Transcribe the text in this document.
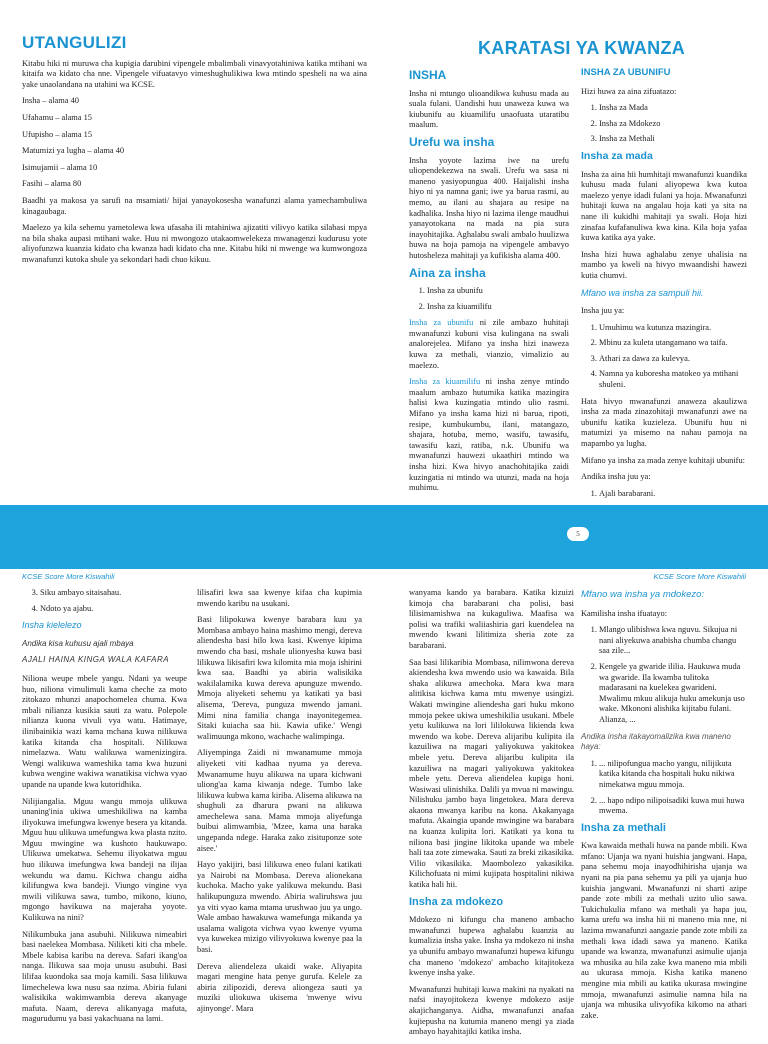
UTANGULIZI

Kitabu hiki ni muruwa cha kupigia darubini vipengele mbalimbali vinavyotahiniwa katika mtihani wa kitaifa wa kidato cha nne. Vipengele vifuatavyo vimeshughulikiwa kwa mtindo spesheli na wa aina yake unaolandana na utahini wa KCSE.

Insha – alama 40
Ufahamu – alama 15
Ufupisho – alama 15
Matumizi ya lugha – alama 40
Isimujamii – alama 10
Fasihi – alama 80

Baadhi ya makosa ya sarufi na msamiati/ hijai yanayokosesha wanafunzi alama yamechambuliwa kinagaubaga.

Maelezo ya kila sehemu yametolewa kwa ufasaha ili mtahiniwa ajizatiti vilivyo katika silabasi mpya na bila shaka aupasi mtihani wake. Huu ni mwongozo utakaomwelekeza mwanagenzi kudurusu yote aliyofunzwa kuanzia kidato cha kwanza hadi kidato cha nne. Kitabu hiki ni mwenge wa kumwongoza mwanafunzi kutoka shule ya sekondari hadi chuo kikuu.

KARATASI YA KWANZA
INSHA

Insha ni mtungo ulioandikwa kuhusu mada au suala fulani. Uandishi huu unaweza kuwa wa kiubunifu au kiuamilifu unaofuata utaratibu maalum.

Urefu wa insha

Insha yoyote lazima iwe na urefu uliopendekezwa na swali. Urefu wa sasa ni maneno yasiyopungua 400. Haijalishi insha hiyo ni ya namna gani; iwe ya barua rasmi, au memo, au ilani au shajara au resipe na kadhalika. Insha hiyo ni lazima ilenge maudhui yanayotokana na mada na pia sura inayohitajika. Aghalabu swali ambalo huulizwa huwa na hoja pamoja na vipengele ambavyo hutosheleza mahitaji ya kufikisha alama 400.

Aina za insha
1. Insha za ubunifu
2. Insha za kiuamilifu

Insha za ubunifu ni zile ambazo huhitaji mwanafunzi kubuni visa kulingana na swali analorejelea. Mifano ya insha hizi inaweza kuwa za methali, vianzio, vimalizio au maelezo.

Insha za kiuamilifu ni insha zenye mtindo maalum ambazo hutumika katika mazingira halisi kwa kuzingatia mtindo ulio rasmi. Mifano ya insha kama hizi ni barua, ripoti, resipe, kumbukumbu, ilani, matangazo, shajara, hotuba, memo, wasifu, tawasifu, tawasifu kazi, ratiba, n.k. Ubunifu wa mwanafunzi hauwezi ukaathiri mtindo wa insha hizi. Kwa hivyo anachohitajika zaidi kuzingatia ni mtindo wa utunzi, mada na hoja muhimu.

INSHA ZA UBUNIFU

Hizi huwa za aina zifuatazo:

1. Insha za Mada
2. Insha za Mdokezo
3. Insha za Methali
Insha za mada

Insha za aina hii humhitaji mwanafunzi kuandika kuhusu mada fulani aliyopewa kwa kutoa maelezo yenye idadi fulani ya hoja. Mwanafunzi huhitaji kuwa na angalau hoja kati ya sita na nane ili kukidhi mahitaji ya swali. Hoja hizi zinafaa kufafanuliwa kwa kina. Kila hoja yafaa kuwa katika aya yake.

Insha hizi huwa aghalabu zenye uhalisia na mambo ya kweli na hivyo mwaandishi hawezi kutia chumvi.

Mfano wa insha za sampuli hii.

Insha juu ya:

1. Umuhimu wa kutunza mazingira.
2. Mbinu za kuleta utangamano wa taifa.
3. Athari za dawa za kulevya.
4. Namna ya kuboresha matokeo ya mtihani shuleni.

Hata hivyo mwanafunzi anaweza akaulizwa insha za mada zinazohitaji mwanafunzi awe na ubunifu katika kuzieleza. Ubunifu huu ni matumizi ya misemo na nahau pamoja na mapambo ya lugha.

Mifano ya insha za mada zenye kuhitaji ubunifu:

Andika insha juu ya:

1. Ajali barabarani.
2.
5
KCSE Score More Kiswahili	KCSE Score More Kiswahili
3. Siku ambayo sitaisahau.
4. Ndoto ya ajabu.
Insha kielelezo
Andika kisa kuhusu ajali mbaya
AJALI HAINA KINGA WALA KAFARA

Niliona weupe mbele yangu. Ndani ya weupe huo, niliona vimulimuli kama cheche za moto zitokazo mhunzi anapochomelea chuma. Kwa mbali nilianza kusikia sauti za watu. Polepole nilianza kuona vivuli vya watu. Hatimaye, ilinibainikia wazi kama mchana kuwa nilikuwa katika kitanda cha hospitali. Nilikuwa nimelazwa. Watu walikuwa wamenizingira. Wengi walikuwa wameshika tama kwa huzuni kubwa wengine wakiwa wanatikisa vichwa vyao upande na upande kwa kutoridhika.

Nilijiangalia. Mguu wangu mmoja ulikuwa unaning'inia ukiwa umeshikiliwa na kamba iliyokuwa imefungwa kwenye besera ya kitanda. Mguu huu ulikuwa umefungwa kwa plasta nzito. Mguu mwingine wa kushoto haukuwapo. Ulikuwa umekatwa. Sehemu iliyokatwa mguu huo ilikuwa imefungwa kwa bandeji na ilijaa wekundu wa damu. Kichwa changu aidha kilifungwa kwa bandeji. Viungo vingine vya mwili vilikuwa sawa, tumbo, mikono, kiuno, mgongo havikuwa na majeraha yoyote. Kulikuwa na nini?

Nilikumbuka jana asubuhi. Nilikuwa nimeabiri basi naelekea Mombasa. Niliketi kiti cha mbele. Mbele kabisa karibu na dereva. Safari ikang'oa nanga. Ilikuwa saa moja unusu asubuhi. Basi lilifaa kuondoka saa moja kamili. Sasa lilikuwa limechelewa kwa nusu saa nzima. Abiria fulani walisikika wakimwambia dereva akanyage mafuta. Naam, dereva alikanyaga mafuta, magurudumu ya basi yakachuana na lami.

lilisafiri kwa saa kwenye kifaa cha kupimia mwendo karibu na usukani.

Basi lilipokuwa kwenye barabara kuu ya Mombasa ambayo haina mashimo mengi, dereva aliendesha basi hilo kwa kasi. Kwenye kipima mwendo cha basi, mshale ulionyesha kuwa basi lilikuwa likisafiri kwa kilomita mia moja ishirini kwa saa. Baadhi ya abiria walisikika wakilalamika kuwa dereva apunguze mwendo. Mmoja aliyeketi sehemu ya katikati ya basi alisema, 'Dereva, punguza mwendo jamani. Mimi nina familia changa inayonitegemea. Sitaki kuiacha saa hii. Kawia ufike.' Wengi walimuunga mkono, wachache walimpinga.

Aliyempinga Zaidi ni mwanamume mmoja aliyeketi viti kadhaa nyuma ya dereva. Mwanamume huyu alikuwa na upara kichwani uliong'aa kama kiwanja ndege. Tumbo lake lilikuwa kubwa kama kiriba. Alisema alikuwa na shughuli za dharura pwani na alikuwa amechelewa sana. Mama mmoja aliyefunga buibui alimwambia, 'Mzee, kama una haraka ungepanda ndege. Haraka zako zisituponze sote aisee.'

Hayo yakijiri, basi lilikuwa eneo fulani katikati ya Nairobi na Mombasa. Dereva alionekana kuchoka. Macho yake yalikuwa mekundu. Basi halikupunguza mwendo. Abiria waliruhswa juu ya viti vyao kama mtama urushwao juu ya ungo. Wale ambao hawakuwa wamefunga mikanda ya usalama waligota vichwa vyao kwenye vyuma vya kuwekea mizigo vilivyokuwa kwenye paa la basi.

Dereva aliendeleza ukaidi wake. Aliyapita magari mengine hata penye gurufa. Kelele za abiria zilipozidi, dereva aliongeza sauti ya muziki uliokuwa ukisema 'mwenye wivu ajinyonge'. Mara

wanyama kando ya barabara. Katika kizuizi kimoja cha barabarani cha polisi, basi lilisimamishwa na kukaguliwa. Maafisa wa polisi wa trafiki waliiashiria gari kuendelea na mwendo kwani lilitimiza sheria zote za barabarani.

Saa basi lilikaribia Mombasa, nilimwona dereva akiendesha kwa mwendo usio wa kawaida. Bila shaka alikuwa amechoka. Mara kwa mara alitikisa kichwa kama mtu mwenye usingizi. Wakati mwingine aliendesha gari huku mkono mmoja pekee ukiwa umeshikilia usukani. Mbele yetu kulikuwa na lori lililokuwa likienda kwa mwendo wa kobe. Dereva alijaribu kulipita ila kazuiliwa na magari yaliyokuwa yakitokea mbele yetu. Dereva alijaribu kulipita ila kazuiliwa na magari yaliyokuwa yakitokea mbele yetu. Dereva aliendelea kupiga honi. Wasiwasi ulinishika. Dalili ya mvua ni mawingu. Nilishuku jambo baya lingetokea. Mara dereva akaona mwanya karibu na kona. Akakanyaga mafuta. Akaingia upande mwingine wa barabara na kuanza kulipita lori. Katikati ya kona tu niliona basi jingine likitoka upande wa mbele hali taa zote zimewaka. Sauti za breki zikasikika. Vilio vikasikika. Maombolezo yakasikika. Kilichofuata ni mimi kujipata hospitalini nikiwa katika hali hii.

Insha za mdokezo

Mdokezo ni kifungu cha maneno ambacho mwanafunzi hupewa aghalabu kuanzia au kumalizia insha yake. Insha ya mdokezo ni insha ya ubunifu ambayo mwanafunzi hupewa kifungu cha maneno 'mdokezo' ambacho kitajitokeza kwenye insha yake.

Mwanafunzi huhitaji kuwa makini na nyakati na nafsi inayojitokeza kwenye mdokezo asije akajichanganya. Aidha, mwanafunzi anafaa kujiepusha na kutumia maneno mengi ya ziada ambayo hayahitajiki katika insha.

Mfano wa insha ya mdokezo:

Kamilisha insha ifuatayo:

1. Mlango ulibishwa kwa nguvu. Sikujua ni nani aliyekuwa anabisha chumba changu saa zile...
2. Kengele ya gwaride ililia. Haukuwa muda wa gwaride. Ila kwamba tulitoka madarasani na kuelekea gwarideni. Mwalimu mkuu alikuja huku amekunja uso wake. Mkononi alishika kijitabu fulani. Alianza, ...
Andika insha itakayomalizika kwa maneno haya:
1. ... nilipofungua macho yangu, nilijikuta katika kitanda cha hospitali huku nikiwa nimekatwa mguu mmoja.
2. ... hapo ndipo nilipoisadiki kuwa mui huwa mwema.
Insha za methali

Kwa kawaida methali huwa na pande mbili. Kwa mfano: Ujanja wa nyani huishia jangwani. Hapa, pana sehemu moja inayodhihirisha ujanja wa nyani na pia pana sehemu ya pili ya ujanja huo kuishia jangwani. Mwanafunzi ni sharti azipe pande zote mbili za methali uzito ulio sawa. Tukichukulia mfano wa methali ya hapa juu, kama urefu wa insha hii ni maneno mia nne, ni lazima mwanafunzi aangazie pande zote mbili za methali kwa idadi sawa ya maneno. Katika upande wa kwanza, mwanafunzi asimulie ujanja wa mhusika au hila zake kwa maneno mia mbili au ukurasa mmoja. Kisha katika maneno mengine mia mbili au katika ukurasa mwingine mmoja, mwanafunzi asimulie namna hila na ujanja wa mhusika ulivyofika kikomo na athari zake.
